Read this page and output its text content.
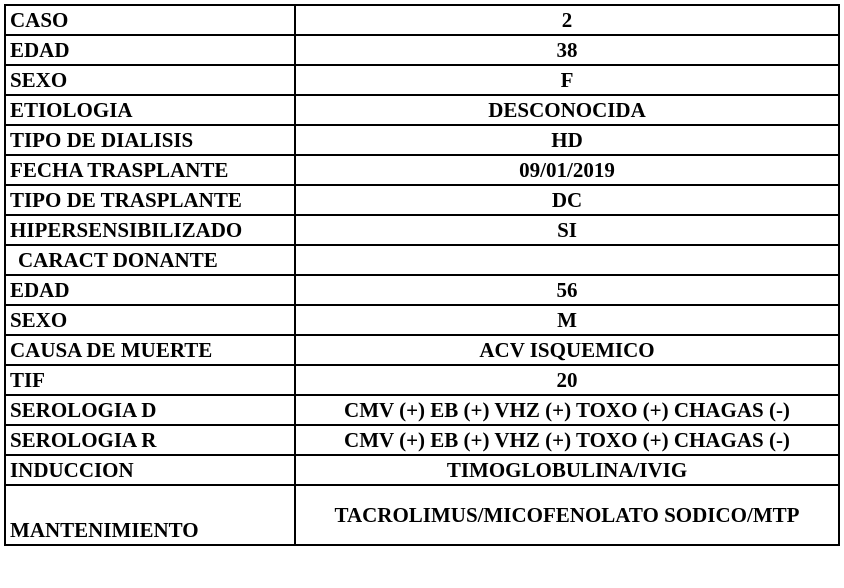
CASO	2
EDAD	38
SEXO	F
ETIOLOGIA	DESCONOCIDA
TIPO DE DIALISIS	HD
FECHA TRASPLANTE	09/01/2019
TIPO DE TRASPLANTE	DC
HIPERSENSIBILIZADO	SI
CARACT DONANTE	
EDAD	56
SEXO	M
CAUSA DE MUERTE	ACV ISQUEMICO
TIF	20
SEROLOGIA D	CMV (+) EB (+) VHZ (+) TOXO (+) CHAGAS (-)
SEROLOGIA R	CMV (+) EB (+) VHZ (+) TOXO (+) CHAGAS (-)
INDUCCION	TIMOGLOBULINA/IVIG
MANTENIMIENTO	TACROLIMUS/MICOFENOLATO SODICO/MTP
